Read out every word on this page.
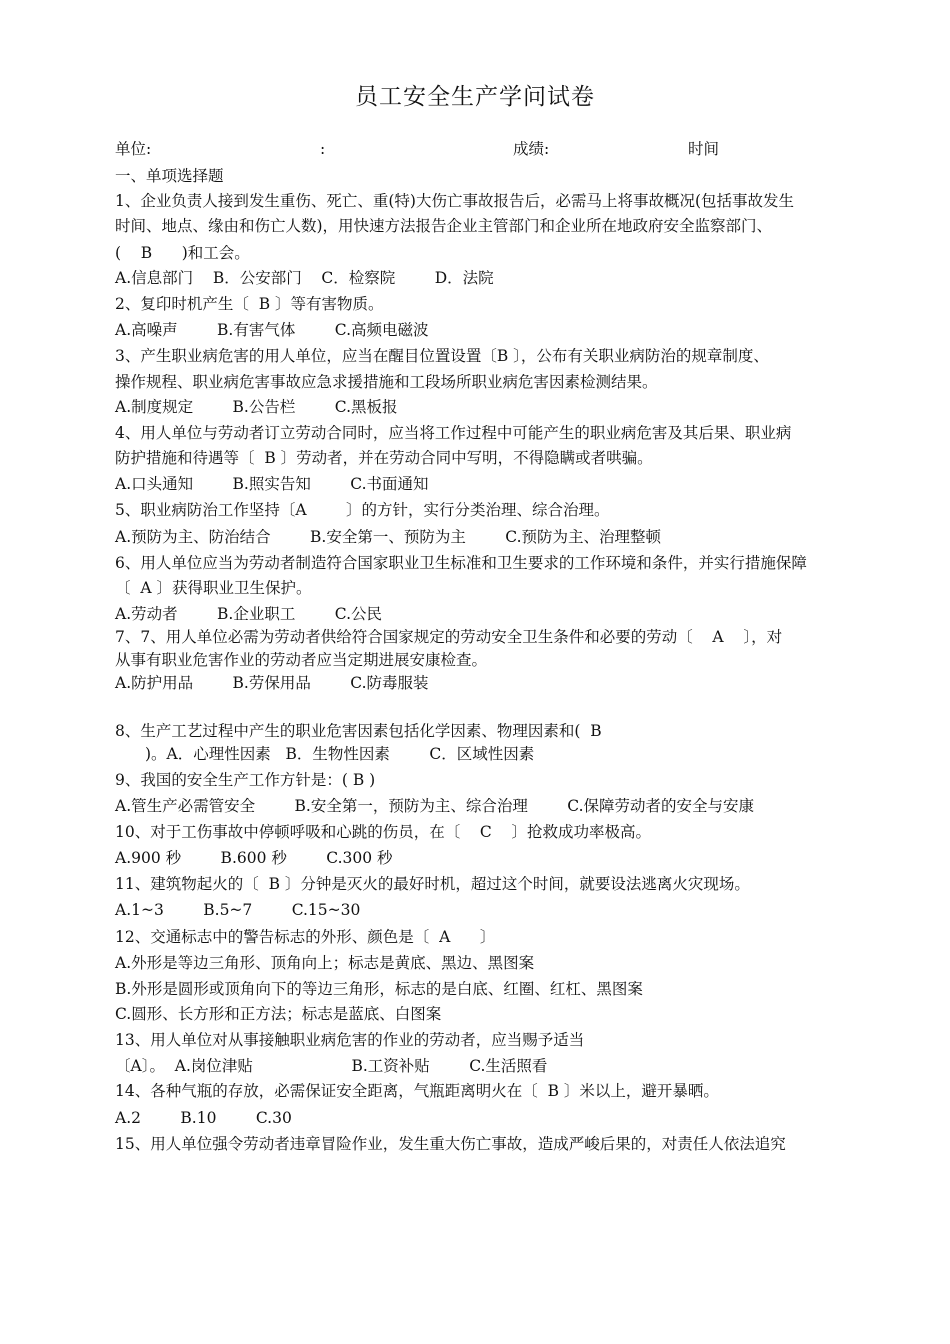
员工安全生产学问试卷
单位:	:	成绩:	时间
一、单项选择题
1、企业负责人接到发生重伤、死亡、重(特)大伤亡事故报告后，必需马上将事故概况(包括事故发生
时间、地点、缘由和伤亡人数)，用快速方法报告企业主管部门和企业所在地政府安全监察部门、
(    B      )和工会。
A.信息部门    B．公安部门    C．检察院        D．法院
2、复印时机产生〔  B 〕等有害物质。
A.高噪声        B.有害气体        C.高频电磁波
3、产生职业病危害的用人单位，应当在醒目位置设置〔B 〕，公布有关职业病防治的规章制度、
操作规程、职业病危害事故应急求援措施和工段场所职业病危害因素检测结果。
A.制度规定        B.公告栏        C.黑板报
4、用人单位与劳动者订立劳动合同时，应当将工作过程中可能产生的职业病危害及其后果、职业病
防护措施和待遇等〔  B 〕劳动者，并在劳动合同中写明，不得隐瞒或者哄骗。
A.口头通知        B.照实告知        C.书面通知
5、职业病防治工作坚持〔A        〕的方针，实行分类治理、综合治理。
A.预防为主、防治结合        B.安全第一、预防为主        C.预防为主、治理整顿
6、用人单位应当为劳动者制造符合国家职业卫生标准和卫生要求的工作环境和条件，并实行措施保障
〔  A 〕获得职业卫生保护。
A.劳动者        B.企业职工        C.公民
7、7、用人单位必需为劳动者供给符合国家规定的劳动安全卫生条件和必要的劳动〔    A    〕，对
从事有职业危害作业的劳动者应当定期进展安康检查。
A.防护用品        B.劳保用品        C.防毒服装
8、生产工艺过程中产生的职业危害因素包括化学因素、物理因素和(  B
)。A．心理性因素   B．生物性因素        C．区域性因素
9、我国的安全生产工作方针是：( B )
A.管生产必需管安全        B.安全第一，预防为主、综合治理        C.保障劳动者的安全与安康
10、对于工伤事故中停顿呼吸和心跳的伤员，在〔    C    〕抢救成功率极高。
A.900 秒        B.600 秒        C.300 秒
11、建筑物起火的〔  B 〕分钟是灭火的最好时机，超过这个时间，就要设法逃离火灾现场。
A.1~3        B.5~7        C.15~30
12、交通标志中的警告标志的外形、颜色是〔  A      〕
A.外形是等边三角形、顶角向上；标志是黄底、黑边、黑图案
B.外形是圆形或顶角向下的等边三角形，标志的是白底、红圈、红杠、黑图案
C.圆形、长方形和正方法；标志是蓝底、白图案
13、用人单位对从事接触职业病危害的作业的劳动者，应当赐予适当
〔A〕。  A.岗位津贴                    B.工资补贴        C.生活照看
14、各种气瓶的存放，必需保证安全距离，气瓶距离明火在〔  B 〕米以上，避开暴晒。
A.2        B.10        C.30
15、用人单位强令劳动者违章冒险作业，发生重大伤亡事故，造成严峻后果的，对责任人依法追究
